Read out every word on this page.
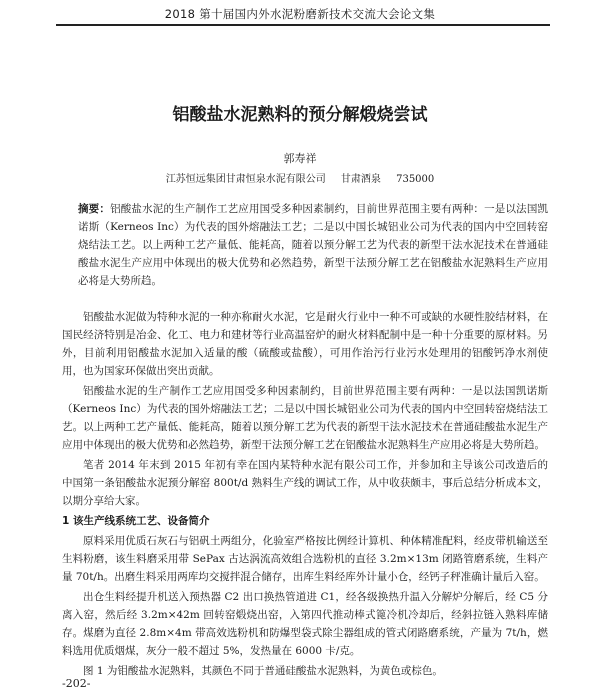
2018 第十届国内外水泥粉磨新技术交流大会论文集
铝酸盐水泥熟料的预分解煅烧尝试
郭寿祥
江苏恒远集团甘肃恒泉水泥有限公司 甘肃酒泉 735000

摘要：铝酸盐水泥的生产制作工艺应用国受多种因素制约，目前世界范围主要有两种：一是以法国凯诺斯（Kerneos Inc）为代表的国外熔融法工艺；二是以中国长城铝业公司为代表的国内中空回转窑烧结法工艺。以上两种工艺产量低、能耗高，随着以预分解工艺为代表的新型干法水泥技术在普通硅酸盐水泥生产应用中体现出的极大优势和必然趋势，新型干法预分解工艺在铝酸盐水泥熟料生产应用必将是大势所趋。

铝酸盐水泥做为特种水泥的一种亦称耐火水泥，它是耐火行业中一种不可或缺的水硬性胶结材料，在国民经济特别是冶金、化工、电力和建材等行业高温窑炉的耐火材料配制中是一种十分重要的原材料。另外，目前利用铝酸盐水泥加入适量的酸（硫酸或盐酸），可用作治污行业污水处理用的铝酸钙净水剂使用，也为国家环保做出突出贡献。

铝酸盐水泥的生产制作工艺应用国受多种因素制约，目前世界范围主要有两种：一是以法国凯诺斯（Kerneos Inc）为代表的国外熔融法工艺；二是以中国长城铝业公司为代表的国内中空回转窑烧结法工艺。以上两种工艺产量低、能耗高，随着以预分解工艺为代表的新型干法水泥技术在普通硅酸盐水泥生产应用中体现出的极大优势和必然趋势，新型干法预分解工艺在铝酸盐水泥熟料生产应用必将是大势所趋。

笔者 2014 年末到 2015 年初有幸在国内某特种水泥有限公司工作，并参加和主导该公司改造后的中国第一条铝酸盐水泥预分解窑 800t/d 熟料生产线的调试工作，从中收获颇丰，事后总结分析成本文，以期分享给大家。

1 该生产线系统工艺、设备简介

原料采用优质石灰石与铝矾土两组分，化验室严格按比例经计算机、种体精准配料，经皮带机输送至生料粉磨，该生料磨采用带 SePax 古达涡流高效组合选粉机的直径 3.2m×13m 闭路管磨系统，生料产量 70t/h。出磨生料采用两库均交搅拌混合储存，出库生料经库外计量小仓，经钙子秤准确计量后入窑。

出仓生料经提升机送入预热器 C2 出口换热管道进 C1，经各级换热升温入分解炉分解后，经 C5 分离入窑，然后经 3.2m×42m 回转窑煅烧出窑，入第四代推动棒式篦冷机冷却后，经斜拉链入熟料库储存。煤磨为直径 2.8m×4m 带高效选粉机和防爆型袋式除尘器组成的管式闭路磨系统，产量为 7t/h，燃料选用优质烟煤，灰分一般不超过 5%，发热量在 6000 卡/克。

图 1 为钼酸盐水泥熟料，其颜色不同于普通硅酸盐水泥熟料，为黄色或棕色。

-202-
